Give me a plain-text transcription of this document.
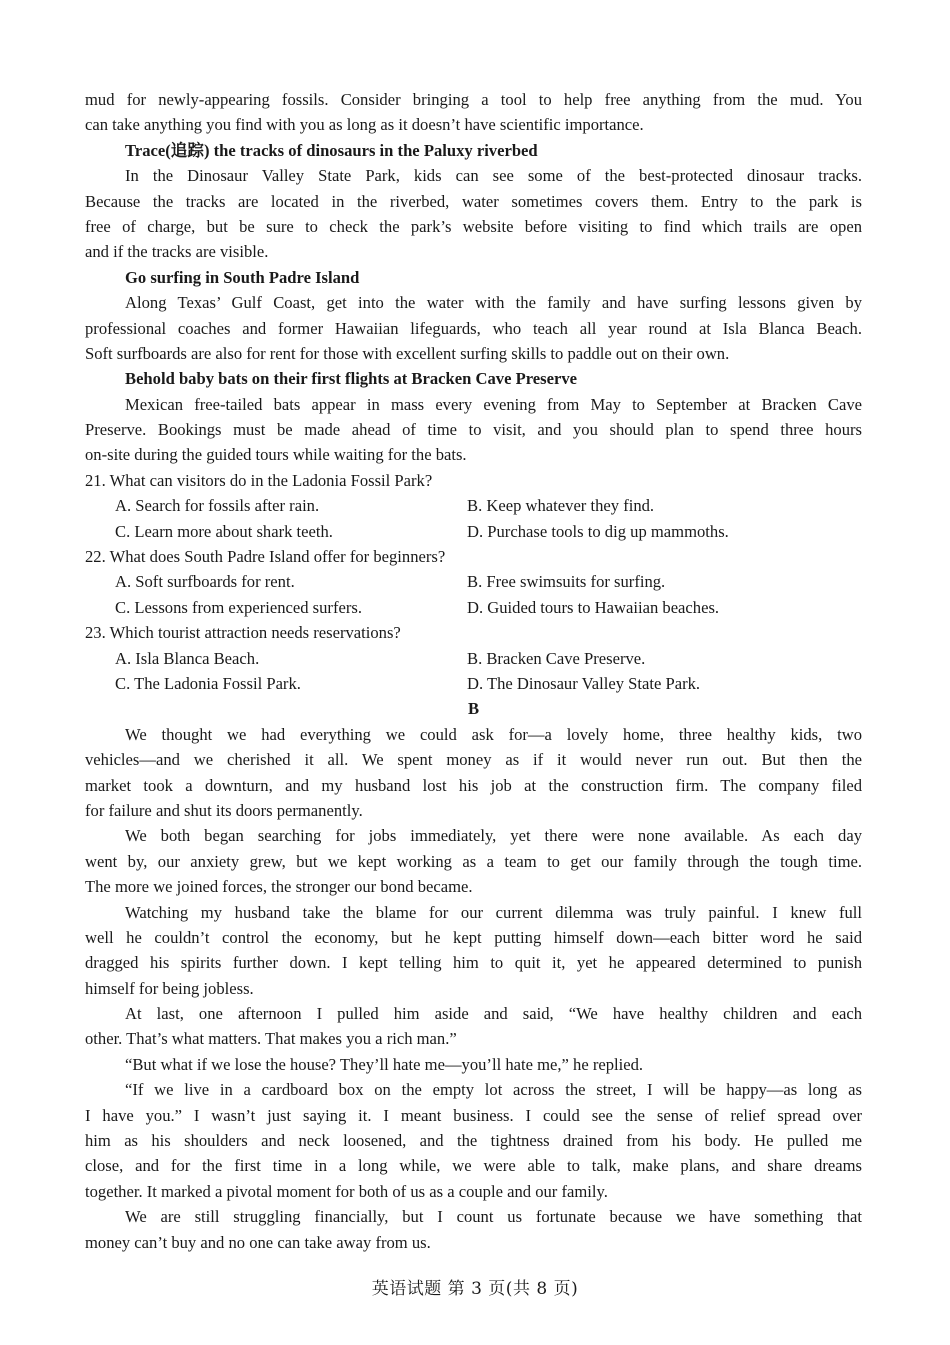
mud for newly-appearing fossils. Consider bringing a tool to help free anything from the mud. You
can take anything you find with you as long as it doesn’t have scientific importance.
Trace(追踪) the tracks of dinosaurs in the Paluxy riverbed
In the Dinosaur Valley State Park, kids can see some of the best-protected dinosaur tracks.
Because the tracks are located in the riverbed, water sometimes covers them. Entry to the park is
free of charge, but be sure to check the park’s website before visiting to find which trails are open
and if the tracks are visible.
Go surfing in South Padre Island
Along Texas’ Gulf Coast, get into the water with the family and have surfing lessons given by
professional coaches and former Hawaiian lifeguards, who teach all year round at Isla Blanca Beach.
Soft surfboards are also for rent for those with excellent surfing skills to paddle out on their own.
Behold baby bats on their first flights at Bracken Cave Preserve
Mexican free-tailed bats appear in mass every evening from May to September at Bracken Cave
Preserve. Bookings must be made ahead of time to visit, and you should plan to spend three hours
on-site during the guided tours while waiting for the bats.
21. What can visitors do in the Ladonia Fossil Park?
A. Search for fossils after rain.	B. Keep whatever they find.
C. Learn more about shark teeth.	D. Purchase tools to dig up mammoths.
22. What does South Padre Island offer for beginners?
A. Soft surfboards for rent.	B. Free swimsuits for surfing.
C. Lessons from experienced surfers.	D. Guided tours to Hawaiian beaches.
23. Which tourist attraction needs reservations?
A. Isla Blanca Beach.	B. Bracken Cave Preserve.
C. The Ladonia Fossil Park.	D. The Dinosaur Valley State Park.
B
We thought we had everything we could ask for—a lovely home, three healthy kids, two
vehicles—and we cherished it all. We spent money as if it would never run out. But then the
market took a downturn, and my husband lost his job at the construction firm. The company filed
for failure and shut its doors permanently.
We both began searching for jobs immediately, yet there were none available. As each day
went by, our anxiety grew, but we kept working as a team to get our family through the tough time.
The more we joined forces, the stronger our bond became.
Watching my husband take the blame for our current dilemma was truly painful. I knew full
well he couldn’t control the economy, but he kept putting himself down—each bitter word he said
dragged his spirits further down. I kept telling him to quit it, yet he appeared determined to punish
himself for being jobless.
At last, one afternoon I pulled him aside and said, “We have healthy children and each
other. That’s what matters. That makes you a rich man.”
“But what if we lose the house? They’ll hate me—you’ll hate me,” he replied.
“If we live in a cardboard box on the empty lot across the street, I will be happy—as long as
I have you.” I wasn’t just saying it. I meant business. I could see the sense of relief spread over
him as his shoulders and neck loosened, and the tightness drained from his body. He pulled me
close, and for the first time in a long while, we were able to talk, make plans, and share dreams
together. It marked a pivotal moment for both of us as a couple and our family.
We are still struggling financially, but I count us fortunate because we have something that
money can’t buy and no one can take away from us.
英语试题 第 3 页(共 8 页)
